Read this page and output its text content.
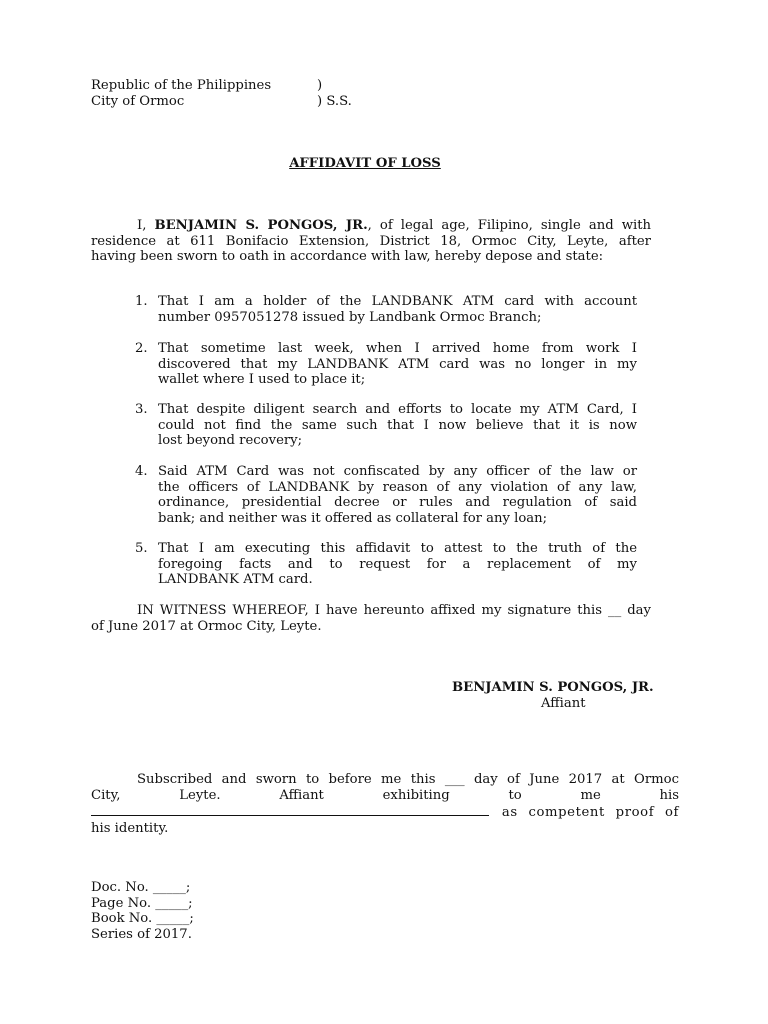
Republic of the Philippines
City of Ormoc
)
) S.S.
AFFIDAVIT OF LOSS
I, BENJAMIN S. PONGOS, JR., of legal age, Filipino, single and with
residence at 611 Bonifacio Extension, District 18, Ormoc City, Leyte, after
having been sworn to oath in accordance with law, hereby depose and state:
1. That I am a holder of the LANDBANK ATM card with account
number 0957051278 issued by Landbank Ormoc Branch;
2. That sometime last week, when I arrived home from work I
discovered that my LANDBANK ATM card was no longer in my
wallet where I used to place it;
3. That despite diligent search and efforts to locate my ATM Card, I
could not find the same such that I now believe that it is now
lost beyond recovery;
4. Said ATM Card was not confiscated by any officer of the law or
the officers of LANDBANK by reason of any violation of any law,
ordinance, presidential decree or rules and regulation of said
bank; and neither was it offered as collateral for any loan;
5. That I am executing this affidavit to attest to the truth of the
foregoing facts and to request for a replacement of my
LANDBANK ATM card.
IN WITNESS WHEREOF, I have hereunto affixed my signature this __ day
of June 2017 at Ormoc City, Leyte.
BENJAMIN S. PONGOS, JR.
Affiant
Subscribed and sworn to before me this ___ day of June 2017 at Ormoc
City, Leyte. Affiant exhibiting to me his
as competent proof of
his identity.
Doc. No. _____;
Page No. _____;
Book No. _____;
Series of 2017.
